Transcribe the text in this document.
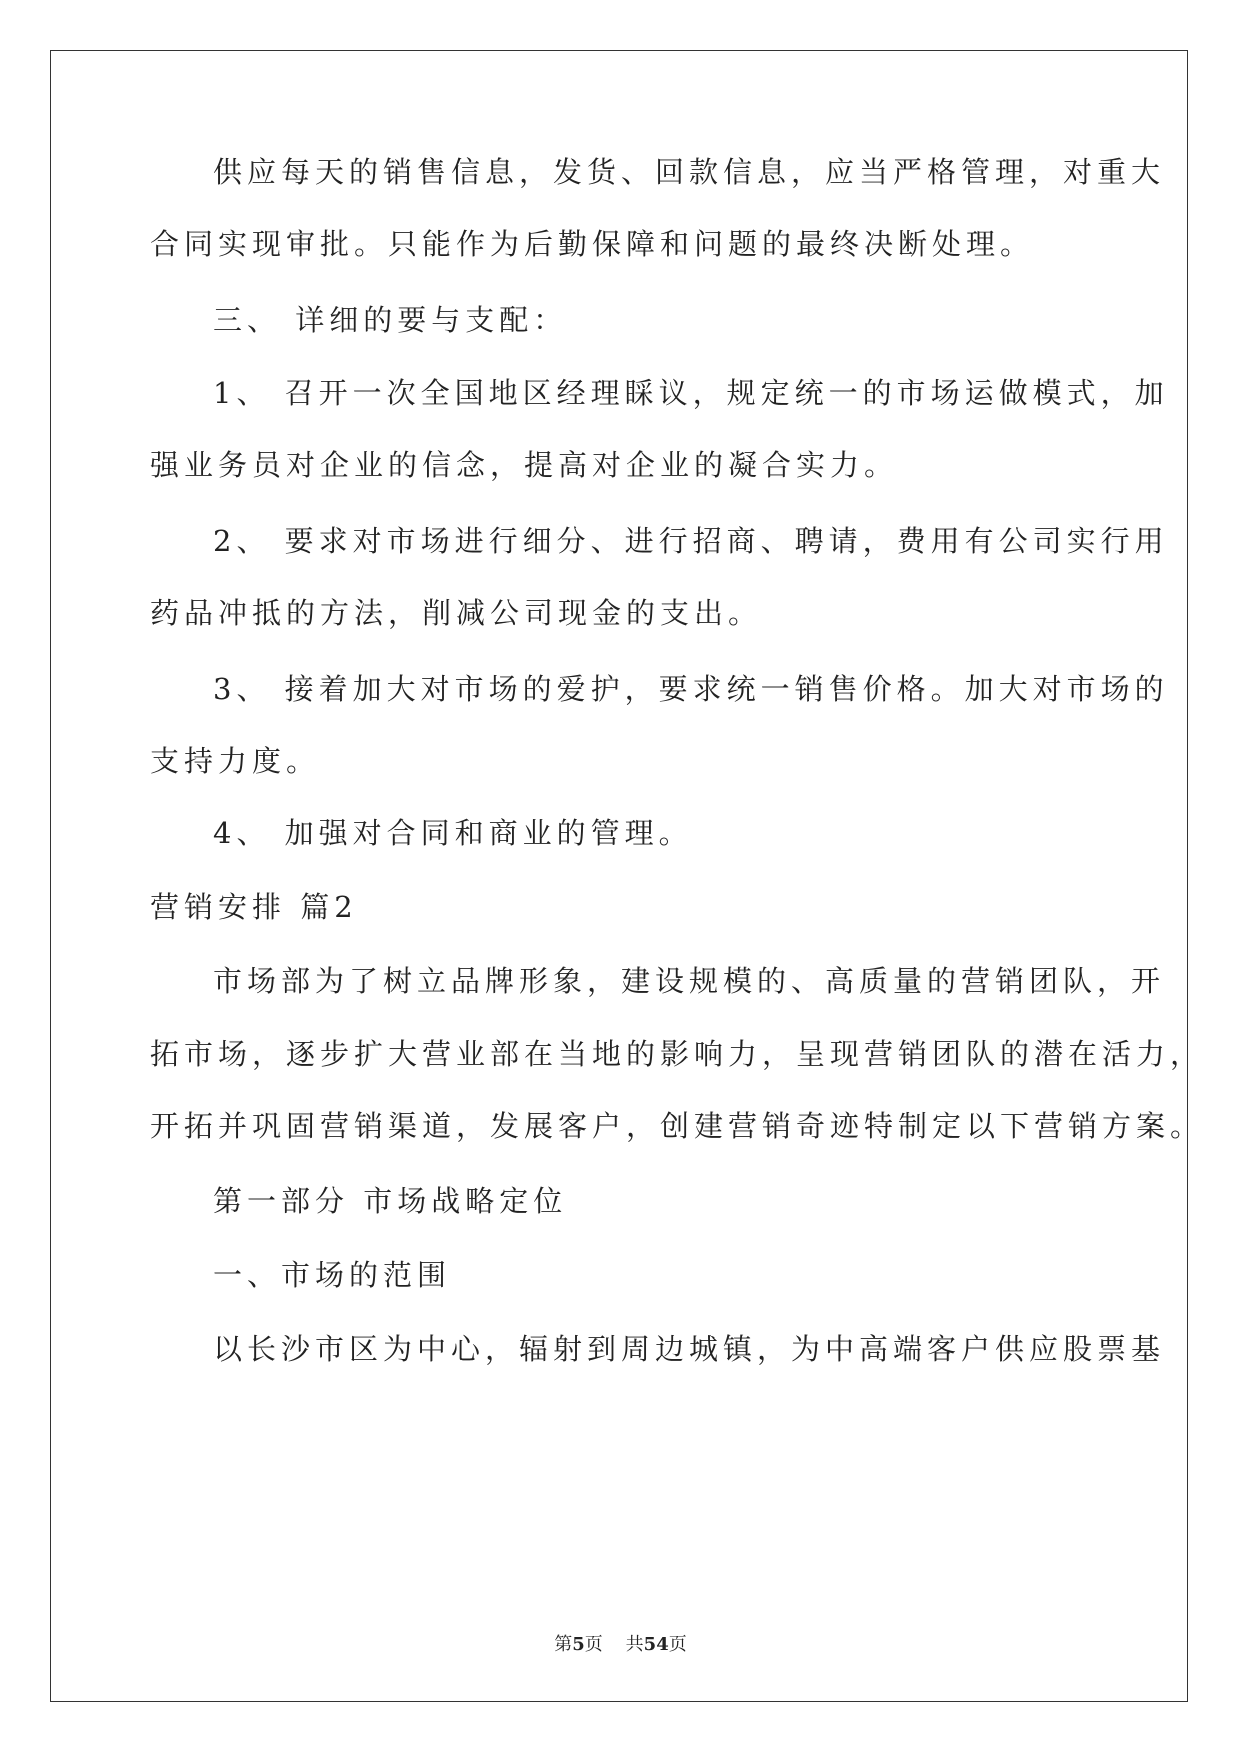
供应每天的销售信息，发货、回款信息，应当严格管理，对重大
合同实现审批。只能作为后勤保障和问题的最终决断处理。
三、 详细的要与支配：
1、 召开一次全国地区经理睬议，规定统一的市场运做模式，加
强业务员对企业的信念，提高对企业的凝合实力。
2、 要求对市场进行细分、进行招商、聘请，费用有公司实行用
药品冲抵的方法，削减公司现金的支出。
3、 接着加大对市场的爱护，要求统一销售价格。加大对市场的
支持力度。
4、 加强对合同和商业的管理。
营销安排 篇2
市场部为了树立品牌形象，建设规模的、高质量的营销团队，开
拓市场，逐步扩大营业部在当地的影响力，呈现营销团队的潜在活力，
开拓并巩固营销渠道，发展客户，创建营销奇迹特制定以下营销方案。
第一部分 市场战略定位
一、市场的范围
以长沙市区为中心，辐射到周边城镇，为中高端客户供应股票基
第5页 共54页
